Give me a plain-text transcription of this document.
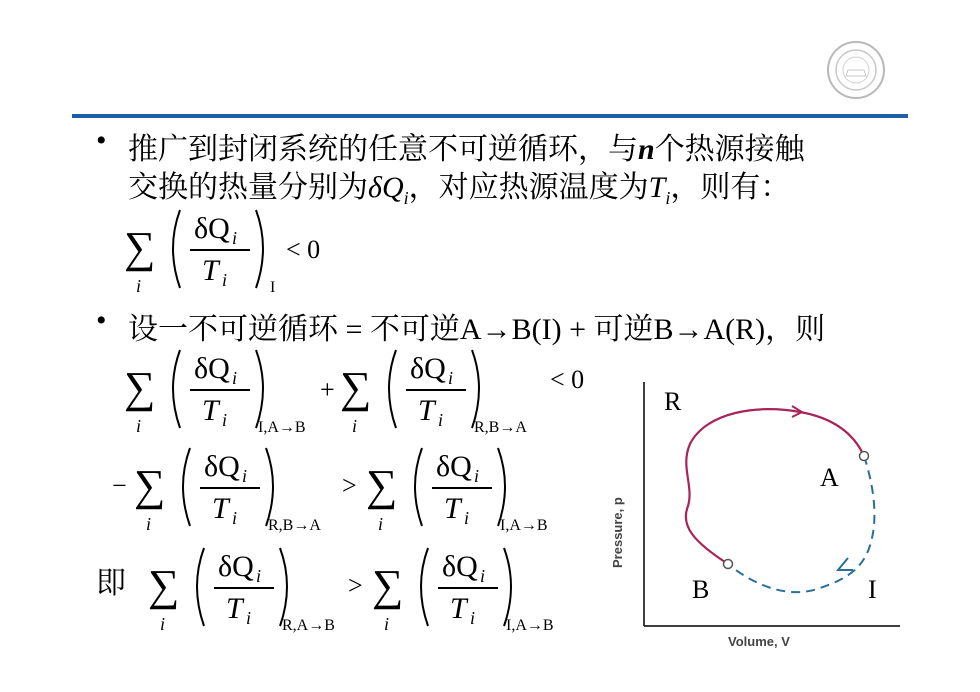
• 推广到封闭系统的任意不可逆循环，与n个热源接触
交换的热量分别为$\delta Q_i$，对应热源温度为$T_i$，则有：
∑
i
δQ i
T i	I
< 0
• 设一不可逆循环 = 不可逆A→B(I) + 可逆B→A(R)，则
∑
i
δQ i
T i I,A→B
+ ∑
i
δQ i
T i R,B→A
< 0
− ∑
i
δQ i
T i R,B→A
> ∑
i
δQ i
T i I,A→B
即 ∑
i
δQ i
T i R,A→B
> ∑
i
δQ i
T i I,A→B
Pressure, p
Volume, V
R
A
B	I
